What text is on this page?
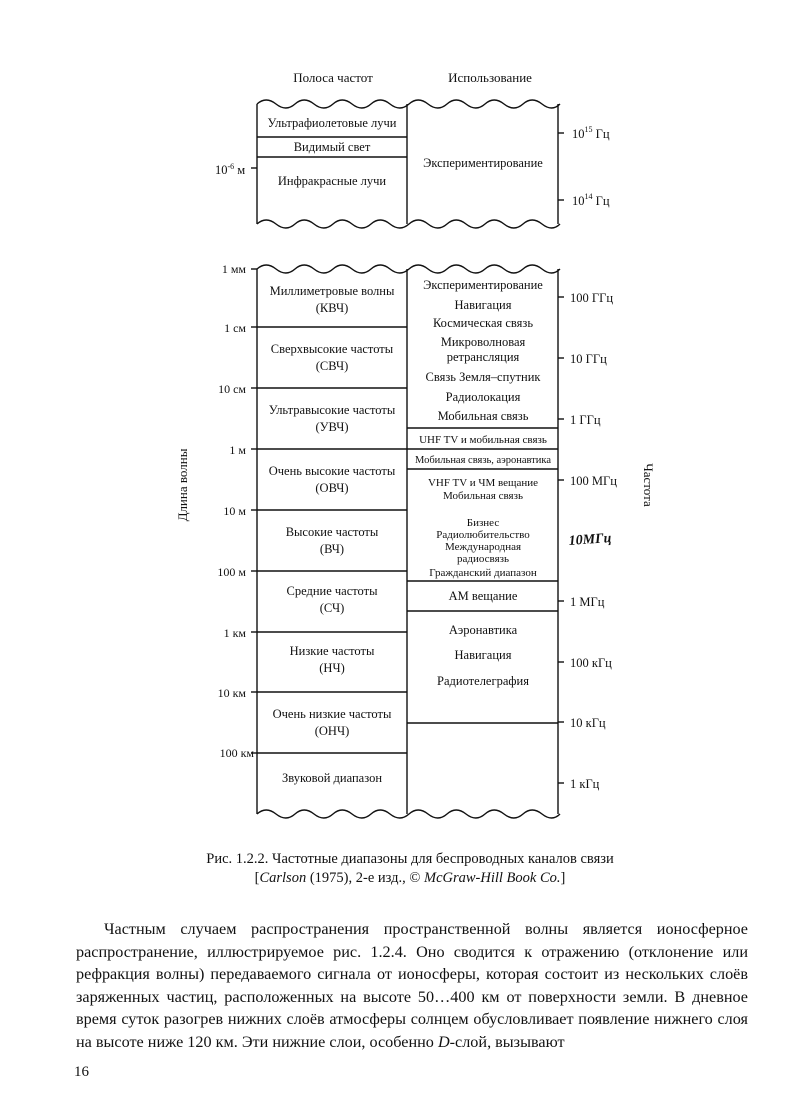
Полоса частот	Использование
Ультрафиолетовые лучи
Видимый свет
Инфракрасные лучи
Экспериментирование
$10^{-6}$ м
$10^{15}$ Гц
$10^{14}$ Гц
Миллиметровые волны (КВЧ)
Сверхвысокие частоты (СВЧ)
Ультравысокие частоты (УВЧ)
Очень высокие частоты (ОВЧ)
Высокие частоты (ВЧ)
Средние частоты (СЧ)
Низкие частоты (НЧ)
Очень низкие частоты (ОНЧ)
Звуковой диапазон
1 мм
1 см
10 см
1 м
10 м
100 м
1 км
10 км
100 км
100 ГГц
10 ГГц
1 ГГц
100 МГц
1 МГц
100 кГц
10 кГц
1 кГц
10МГц
Длина волны	Частота
Экспериментирование
Навигация
Космическая связь
Микроволновая
ретрансляция
Связь Земля–спутник
Радиолокация
Мобильная связь
UHF TV и мобильная связь
Мобильная связь, аэронавтика
VHF TV и ЧМ вещание
Мобильная связь
Бизнес
Радиолюбительство
Международная
радиосвязь
Гражданский диапазон
AM вещание
Аэронавтика
Навигация
Радиотелеграфия
Рис. 1.2.2. Частотные диапазоны для беспроводных каналов связи
[Carlson (1975), 2-е изд., © McGraw-Hill Book Co.]
Частным случаем распространения пространственной волны является ионосферное распространение, иллюстрируемое рис. 1.2.4. Оно сводится к отражению (отклонение или рефракция волны) передаваемого сигнала от ионосферы, которая состоит из нескольких слоёв заряженных частиц, расположенных на высоте 50…400 км от поверхности земли. В дневное время суток разогрев нижних слоёв атмосферы солнцем обусловливает появление нижнего слоя на высоте ниже 120 км. Эти нижние слои, особенно D-слой, вызывают
16
